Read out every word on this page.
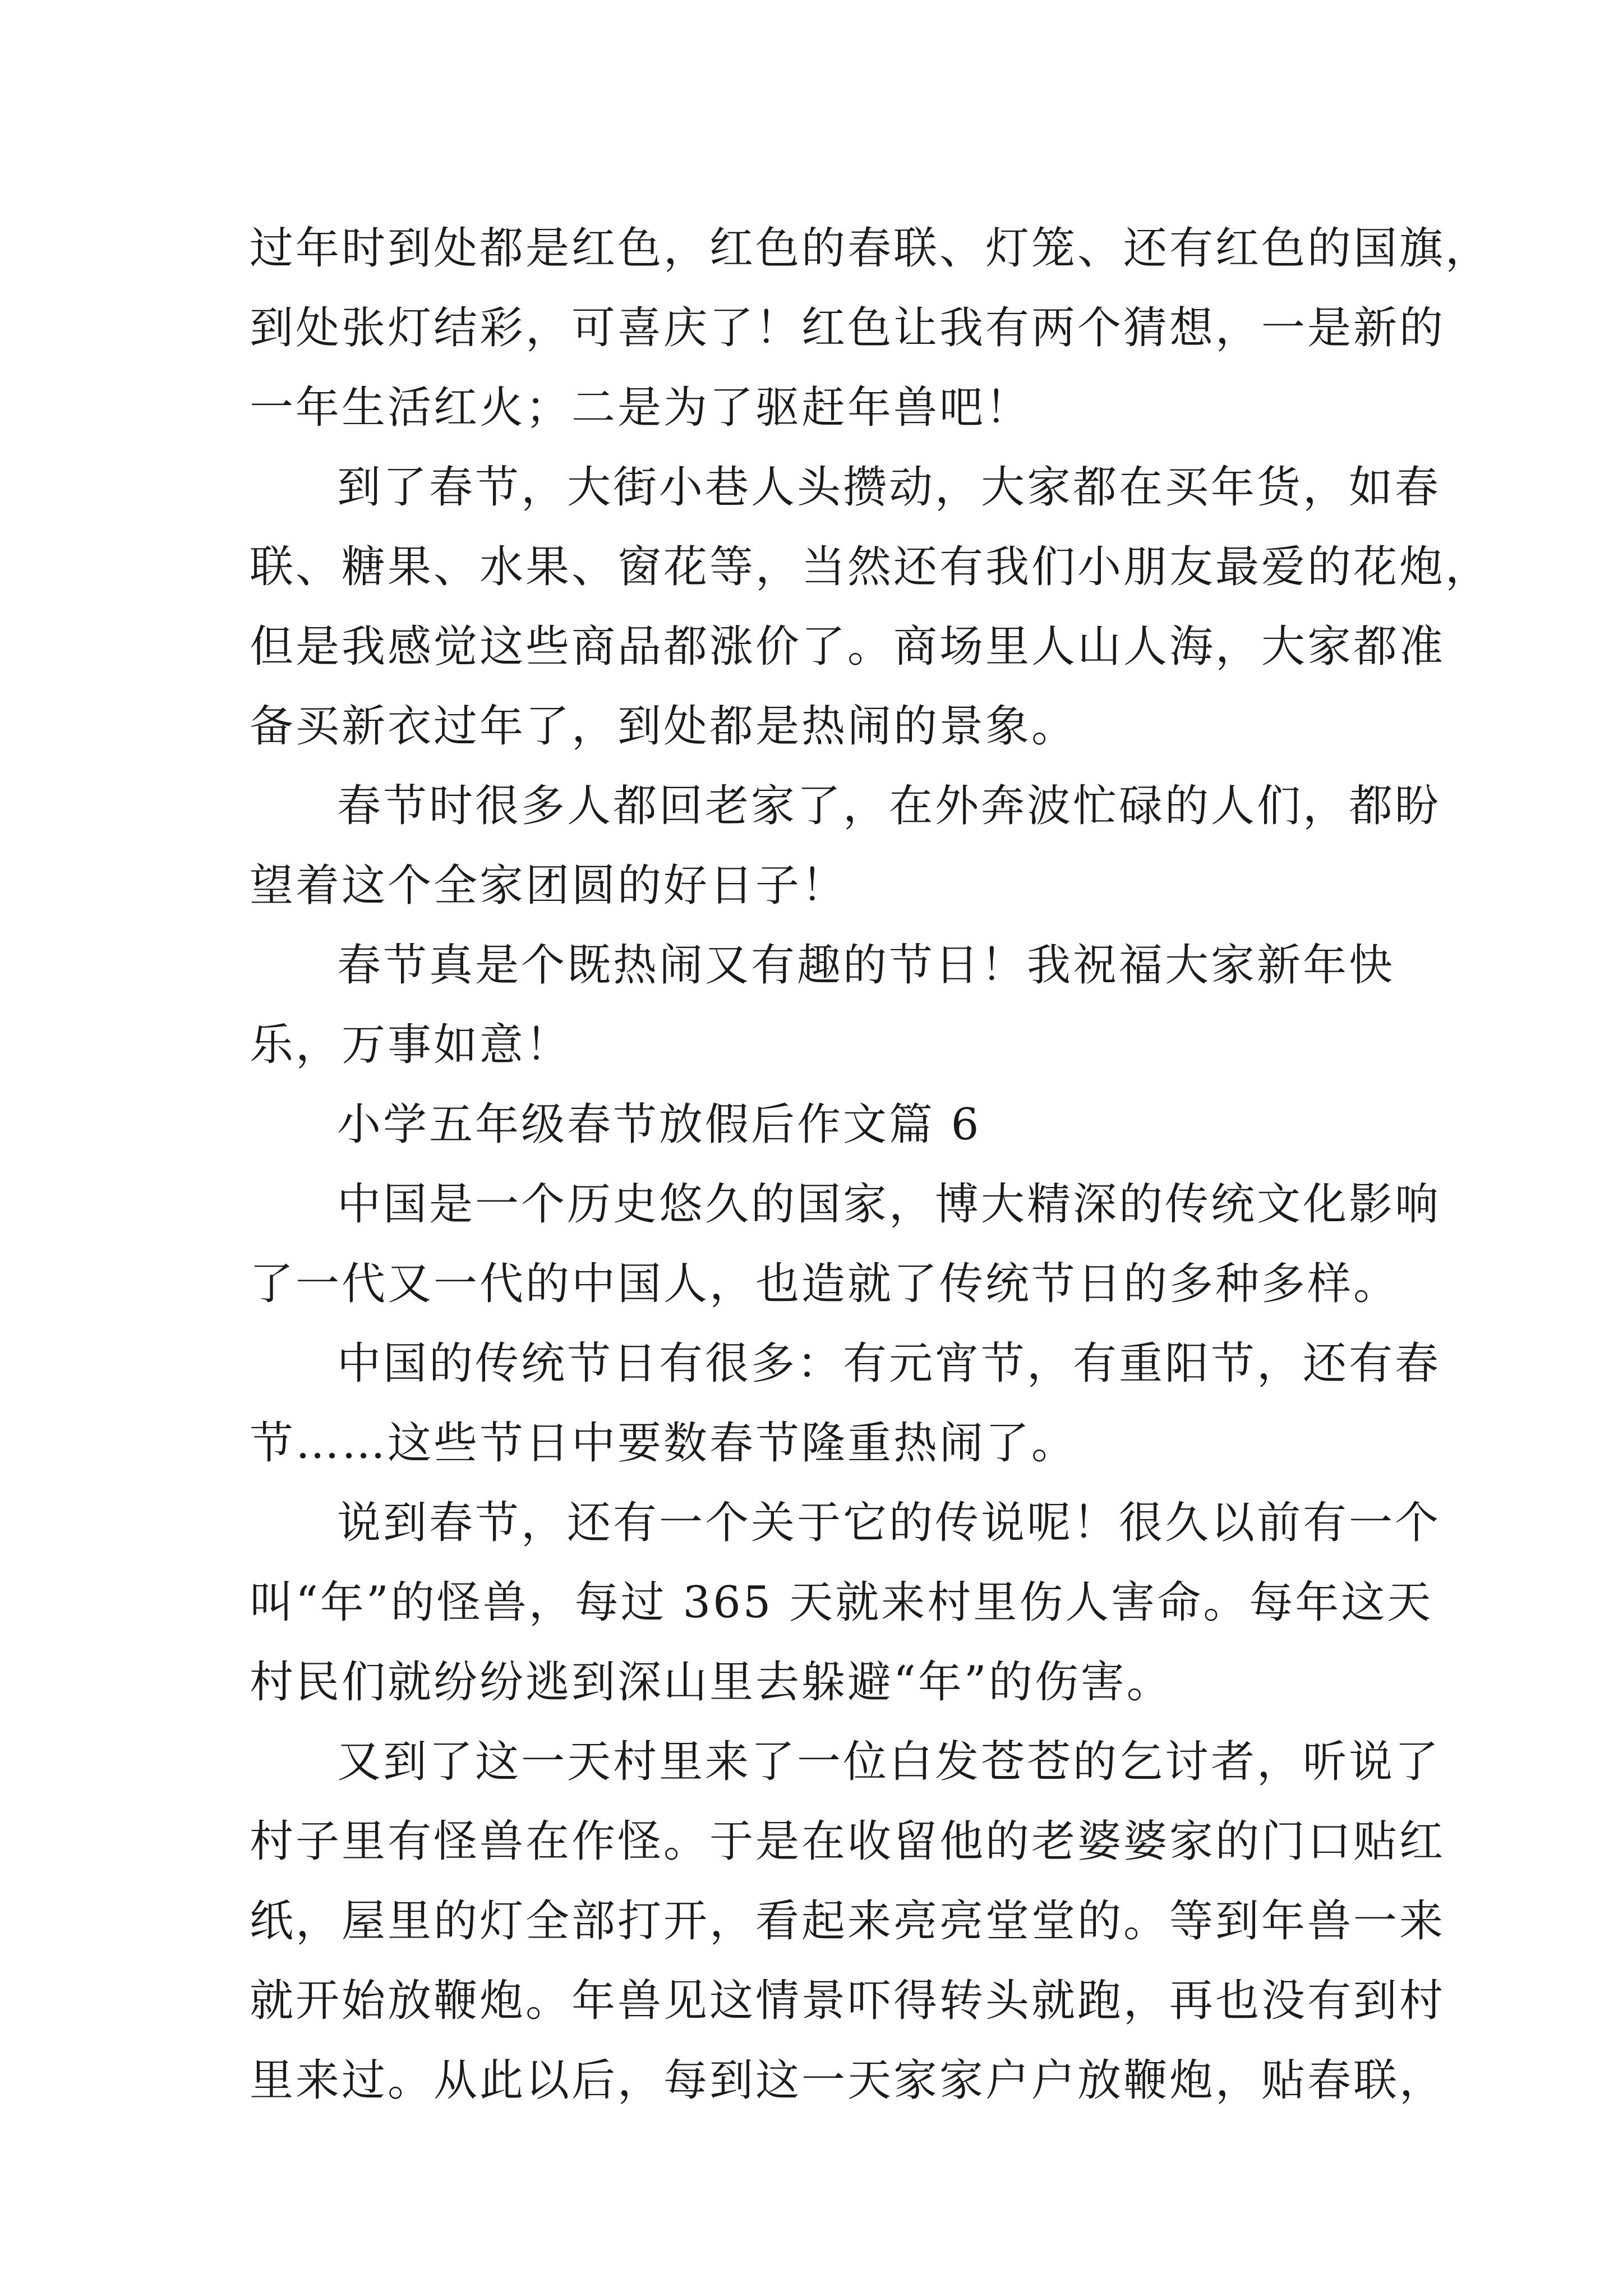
过年时到处都是红色，红色的春联、灯笼、还有红色的国旗，
到处张灯结彩，可喜庆了！红色让我有两个猜想，一是新的
一年生活红火；二是为了驱赶年兽吧！
到了春节，大街小巷人头攒动，大家都在买年货，如春
联、糖果、水果、窗花等，当然还有我们小朋友最爱的花炮，
但是我感觉这些商品都涨价了。商场里人山人海，大家都准
备买新衣过年了，到处都是热闹的景象。
春节时很多人都回老家了，在外奔波忙碌的人们，都盼
望着这个全家团圆的好日子！
春节真是个既热闹又有趣的节日！我祝福大家新年快
乐，万事如意！
小学五年级春节放假后作文篇 6
中国是一个历史悠久的国家，博大精深的传统文化影响
了一代又一代的中国人，也造就了传统节日的多种多样。
中国的传统节日有很多：有元宵节，有重阳节，还有春
节……这些节日中要数春节隆重热闹了。
说到春节，还有一个关于它的传说呢！很久以前有一个
叫“年”的怪兽，每过 365 天就来村里伤人害命。每年这天
村民们就纷纷逃到深山里去躲避“年”的伤害。
又到了这一天村里来了一位白发苍苍的乞讨者，听说了
村子里有怪兽在作怪。于是在收留他的老婆婆家的门口贴红
纸，屋里的灯全部打开，看起来亮亮堂堂的。等到年兽一来
就开始放鞭炮。年兽见这情景吓得转头就跑，再也没有到村
里来过。从此以后，每到这一天家家户户放鞭炮，贴春联，
